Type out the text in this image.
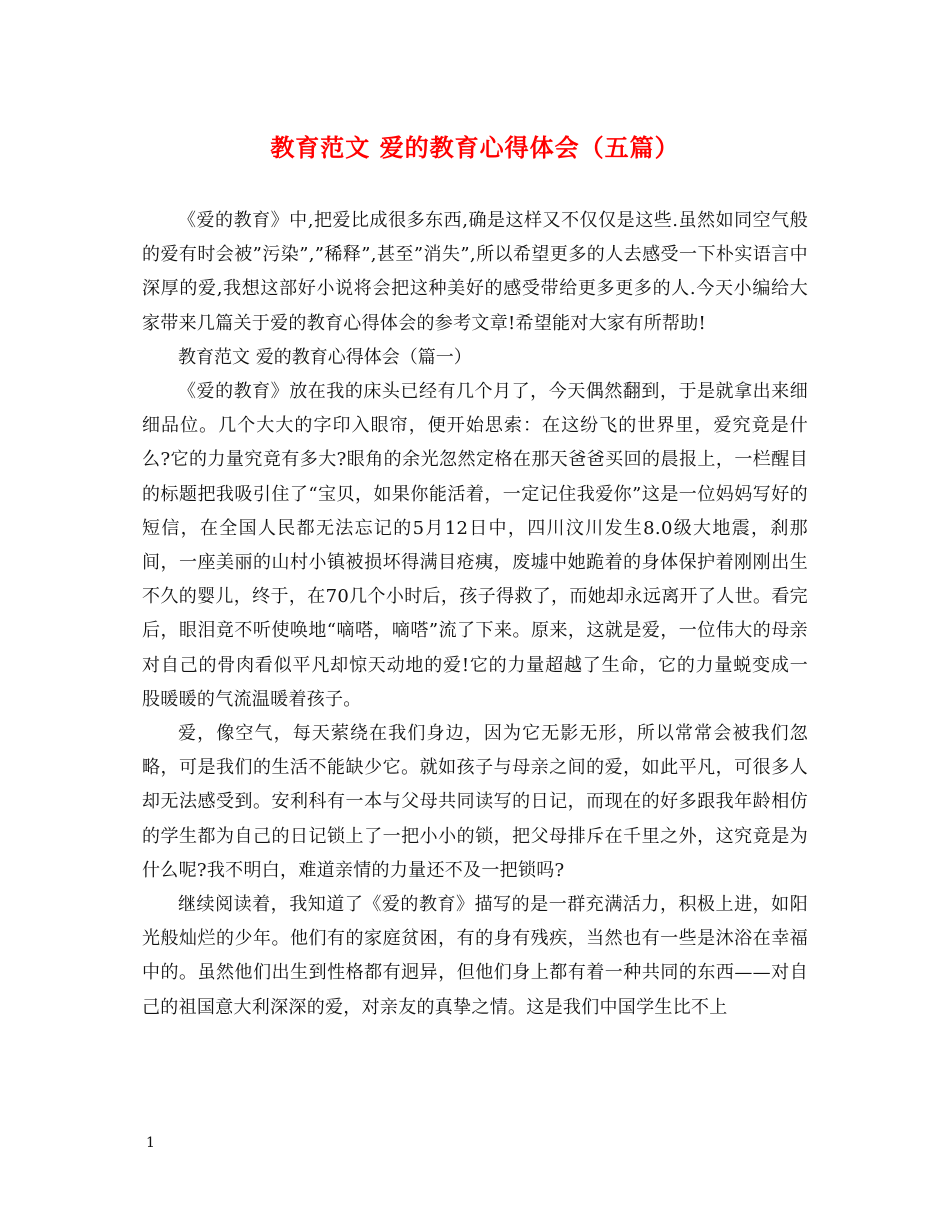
教育范文 爱的教育心得体会（五篇）

《爱的教育》中,把爱比成很多东西,确是这样又不仅仅是这些.虽然如同空气般的爱有时会被”污染”,”稀释”,甚至”消失”,所以希望更多的人去感受一下朴实语言中深厚的爱,我想这部好小说将会把这种美好的感受带给更多更多的人.今天小编给大家带来几篇关于爱的教育心得体会的参考文章!希望能对大家有所帮助!

教育范文 爱的教育心得体会（篇一）

《爱的教育》放在我的床头已经有几个月了，今天偶然翻到，于是就拿出来细细品位。几个大大的字印入眼帘，便开始思索：在这纷飞的世界里，爱究竟是什么?它的力量究竟有多大?眼角的余光忽然定格在那天爸爸买回的晨报上，一栏醒目的标题把我吸引住了“宝贝，如果你能活着，一定记住我爱你”这是一位妈妈写好的短信，在全国人民都无法忘记的5月12日中，四川汶川发生8.0级大地震，刹那间，一座美丽的山村小镇被损坏得满目疮痍，废墟中她跪着的身体保护着刚刚出生不久的婴儿，终于，在70几个小时后，孩子得救了，而她却永远离开了人世。看完后，眼泪竟不听使唤地“嘀嗒，嘀嗒”流了下来。原来，这就是爱，一位伟大的母亲对自己的骨肉看似平凡却惊天动地的爱!它的力量超越了生命，它的力量蜕变成一股暖暖的气流温暖着孩子。

爱，像空气，每天萦绕在我们身边，因为它无影无形，所以常常会被我们忽略，可是我们的生活不能缺少它。就如孩子与母亲之间的爱，如此平凡，可很多人却无法感受到。安利科有一本与父母共同读写的日记，而现在的好多跟我年龄相仿的学生都为自己的日记锁上了一把小小的锁，把父母排斥在千里之外，这究竟是为什么呢?我不明白，难道亲情的力量还不及一把锁吗?

继续阅读着，我知道了《爱的教育》描写的是一群充满活力，积极上进，如阳光般灿烂的少年。他们有的家庭贫困，有的身有残疾，当然也有一些是沐浴在幸福中的。虽然他们出生到性格都有迥异，但他们身上都有着一种共同的东西——对自己的祖国意大利深深的爱，对亲友的真挚之情。这是我们中国学生比不上

1
